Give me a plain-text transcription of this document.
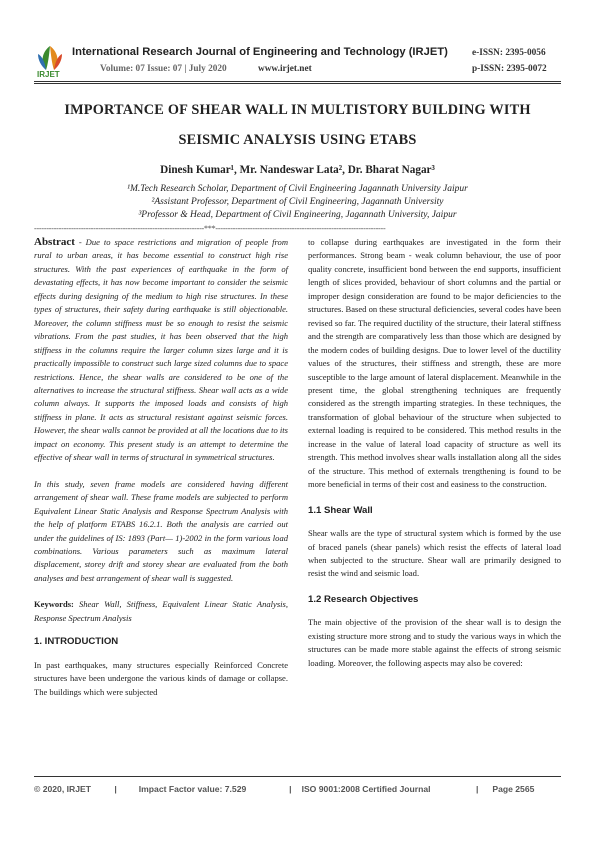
IRJET
International Research Journal of Engineering and Technology (IRJET)
Volume: 07 Issue: 07 | July 2020	www.irjet.net
e-ISSN: 2395-0056
p-ISSN: 2395-0072
IMPORTANCE OF SHEAR WALL IN MULTISTORY BUILDING WITH
SEISMIC ANALYSIS USING ETABS
Dinesh Kumar¹, Mr. Nandeswar Lata², Dr. Bharat Nagar³
¹M.Tech Research Scholar, Department of Civil Engineering Jagannath University Jaipur
²Assistant Professor, Department of Civil Engineering, Jagannath University
³Professor & Head, Department of Civil Engineering, Jagannath University, Jaipur
---------------------------------------------------------------------***---------------------------------------------------------------------

Abstract - Due to space restrictions and migration of people from rural to urban areas, it has become essential to construct high rise structures. With the past experiences of earthquake in the form of devastating effects, it has now become important to consider the seismic effects during designing of the medium to high rise structures. In these types of structures, their safety during earthquake is still objectionable. Moreover, the column stiffness must be so enough to resist the seismic vibrations. From the past studies, it has been observed that the high stiffness in the columns require the larger column sizes large and it is practically impossible to construct such large sized columns due to space restrictions. Hence, the shear walls are considered to be one of the alternatives to increase the structural stiffness. Shear wall acts as a wide column always. It supports the imposed loads and consists of high stiffness in plane. It acts as structural resistant against seismic forces. However, the shear walls cannot be provided at all the locations due to its impact on economy. This present study is an attempt to determine the effective of shear wall in terms of structural in symmetrical structures.

In this study, seven frame models are considered having different arrangement of shear wall. These frame models are subjected to perform Equivalent Linear Static Analysis and Response Spectrum Analysis with the help of platform ETABS 16.2.1. Both the analysis are carried out under the guidelines of IS: 1893 (Part— 1)-2002 in the form various load combinations. Various parameters such as maximum lateral displacement, storey drift and storey shear are evaluated from the both analyses and best arrangement of shear wall is suggested.

Keywords: Shear Wall, Stiffness, Equivalent Linear Static Analysis, Response Spectrum Analysis

1. INTRODUCTION

In past earthquakes, many structures especially Reinforced Concrete structures have been undergone the various kinds of damage or collapse. The buildings which were subjected

to collapse during earthquakes are investigated in the form their performances. Strong beam - weak column behaviour, the use of poor quality concrete, insufficient bond between the end supports, insufficient length of slices provided, behaviour of short columns and the partial or improper design consideration are found to be major deficiencies to the structures. Based on these structural deficiencies, several codes have been revised so far. The required ductility of the structure, their lateral stiffness and the strength are comparatively less than those which are designed by the modern codes of building designs. Due to lower level of the ductility values of the structures, their stiffness and strength, these are more susceptible to the large amount of lateral displacement. Meanwhile in the present time, the global strengthening techniques are frequently considered as the strength imparting strategies. In these techniques, the transformation of global behaviour of the structure when subjected to external loading is required to be considered. This method results in the increase in the value of lateral load capacity of structure as well its strength. This method involves shear walls installation along all the sides of the structure. This method of externals trengthening is found to be more beneficial in terms of their cost and easiness to the construction.

1.1 Shear Wall

Shear walls are the type of structural system which is formed by the use of braced panels (shear panels) which resist the effects of lateral load when subjected to the structure. Shear wall are primarily designed to resist the wind and seismic load.

1.2 Research Objectives

The main objective of the provision of the shear wall is to design the existing structure more strong and to study the various ways in which the structures can be made more stable against the effects of strong seismic loading. Moreover, the following aspects may also be covered:

© 2020, IRJET	|	Impact Factor value: 7.529	| ISO 9001:2008 Certified Journal	| Page 2565
